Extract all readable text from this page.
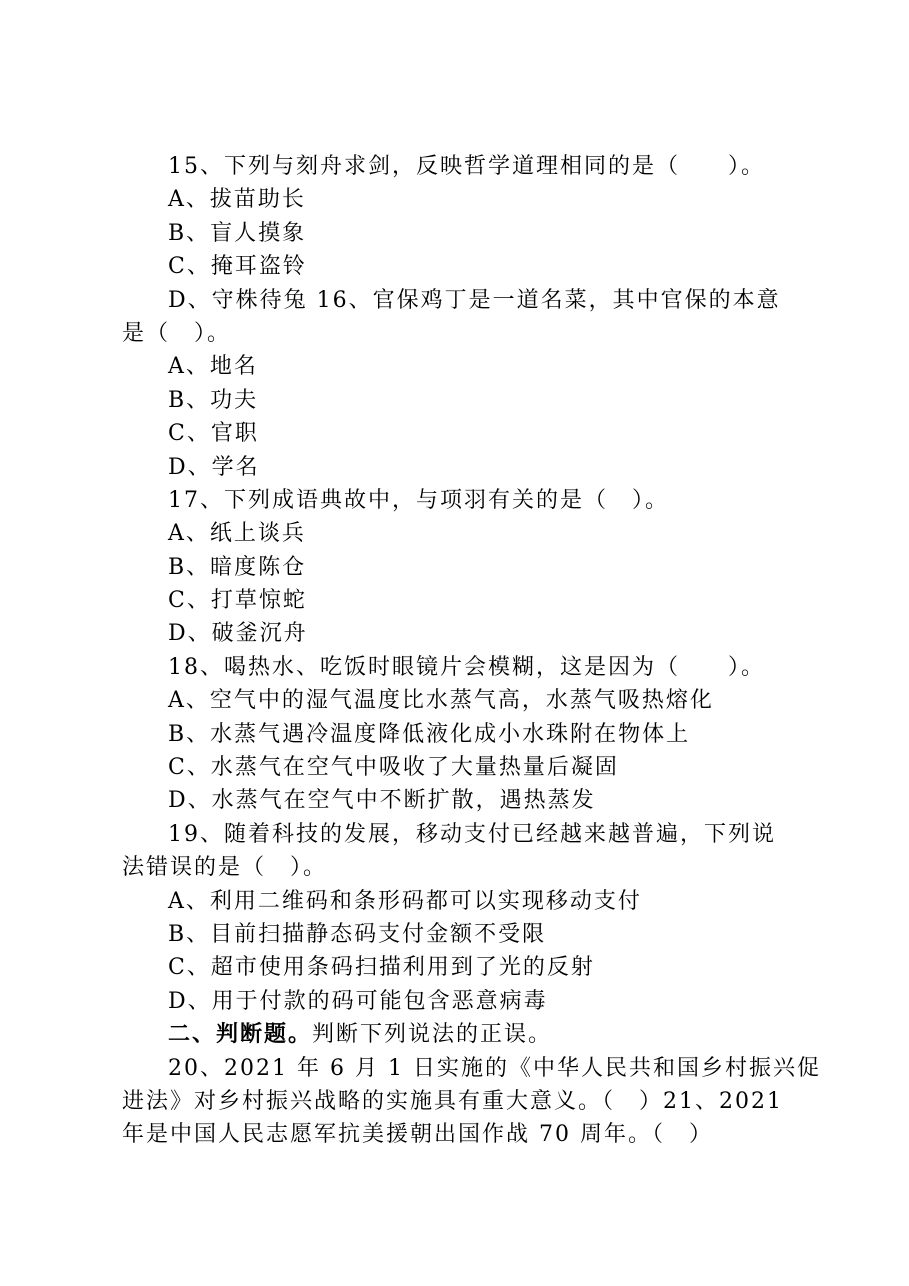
15、下列与刻舟求剑，反映哲学道理相同的是（　　）。
A、拔苗助长
B、盲人摸象
C、掩耳盗铃
D、守株待兔 16、官保鸡丁是一道名菜，其中官保的本意
是（　）。
A、地名
B、功夫
C、官职
D、学名
17、下列成语典故中，与项羽有关的是（　）。
A、纸上谈兵
B、暗度陈仓
C、打草惊蛇
D、破釜沉舟
18、喝热水、吃饭时眼镜片会模糊，这是因为（　　）。
A、空气中的湿气温度比水蒸气高，水蒸气吸热熔化
B、水蒸气遇冷温度降低液化成小水珠附在物体上
C、水蒸气在空气中吸收了大量热量后凝固
D、水蒸气在空气中不断扩散，遇热蒸发
19、随着科技的发展，移动支付已经越来越普遍，下列说
法错误的是（　）。
A、利用二维码和条形码都可以实现移动支付
B、目前扫描静态码支付金额不受限
C、超市使用条码扫描利用到了光的反射
D、用于付款的码可能包含恶意病毒
二、判断题。判断下列说法的正误。
20、2021 年 6 月 1 日实施的《中华人民共和国乡村振兴促
进法》对乡村振兴战略的实施具有重大意义。（　）21、2021
年是中国人民志愿军抗美援朝出国作战 70 周年。（　）
